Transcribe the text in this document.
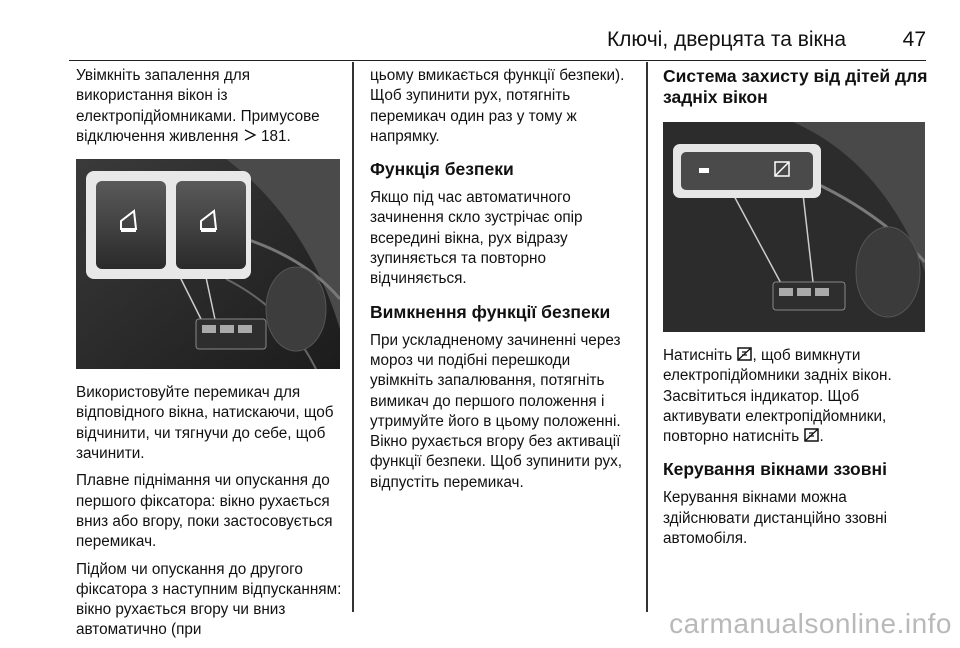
Ключі, дверцята та вікна	47

Увімкніть запалення для використання вікон із електропідйомниками. Примусове відключення живлення  181.

Використовуйте перемикач для відповідного вікна, натискаючи, щоб відчинити, чи тягнучи до себе, щоб зачинити.

Плавне піднімання чи опускання до першого фіксатора: вікно рухається вниз або вгору, поки застосовується перемикач.

Підйом чи опускання до другого фіксатора з наступним відпусканням: вікно рухається вгору чи вниз автоматично (при

цьому вмикається функції безпеки). Щоб зупинити рух, потягніть перемикач один раз у тому ж напрямку.

Функція безпеки

Якщо під час автоматичного зачинення скло зустрічає опір всередині вікна, рух відразу зупиняється та повторно відчиняється.

Вимкнення функції безпеки

При ускладненому зачиненні через мороз чи подібні перешкоди увімкніть запалювання, потягніть вимикач до першого положення і утримуйте його в цьому положенні. Вікно рухається вгору без активації функції безпеки. Щоб зупинити рух, відпустіть перемикач.

Система захисту від дітей для задніх вікон

Натисніть , щоб вимкнути електропідйомники задніх вікон. Засвітиться індикатор. Щоб активувати електропідйомники, повторно натисніть .

Керування вікнами ззовні

Керування вікнами можна здійснювати дистанційно ззовні автомобіля.

carmanualsonline.info
